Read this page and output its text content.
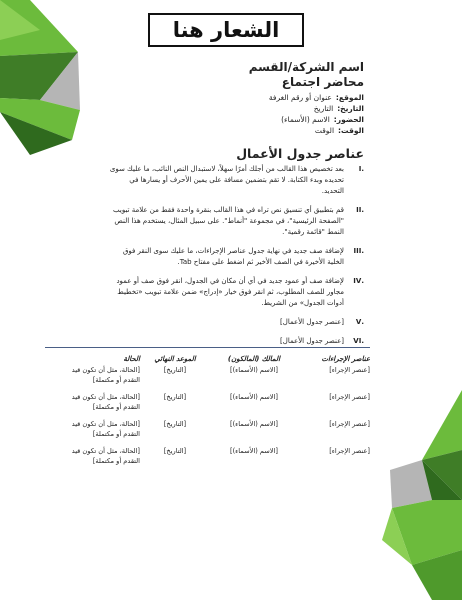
الشعار هنا
اسم الشركة/القسم
محاضر اجتماع
الموقع:عنوان أو رقم الغرفة
التاريخ:التاريخ
الحضور:الاسم (الأسماء)
الوقت:الوقت
عناصر جدول الأعمال
.I
بعد تخصيص هذا القالب من أجلك أمرًا سهلاً، لاستبدال النص النائب، ما عليك سوى تحديده وبدء الكتابة. لا تقم بتضمين مسافة على يمين الأحرف أو يسارها في التحديد.
.II
قم بتطبيق أي تنسيق نص تراه في هذا القالب بنقرة واحدة فقط من علامة تبويب "الصفحة الرئيسية"، في مجموعة "أنماط". على سبيل المثال، يستخدم هذا النص النمط "قائمة رقمية".
.III
لإضافة صف جديد في نهاية جدول عناصر الإجراءات، ما عليك سوى النقر فوق الخلية الأخيرة في الصف الأخير ثم اضغط على مفتاح Tab.
.IV
لإضافة صف أو عمود جديد في أي أن مكان في الجدول، انقر فوق صف أو عمود مجاور للصف المطلوب، ثم انقر فوق خيار «إدراج» ضمن علامة تبويب «تخطيط أدوات الجدول» من الشريط.
.V
[عنصر جدول الأعمال]
.VI
[عنصر جدول الأعمال]
عناصر الإجراءات
المالك (المالكون)
الموعد النهائي
الحالة
[عنصر الإجراء]
[الاسم (الأسماء)]
[التاريخ]
[الحالة، مثل أن تكون قيد التقدم أو مكتملة]
[عنصر الإجراء]
[الاسم (الأسماء)]
[التاريخ]
[الحالة، مثل أن تكون قيد التقدم أو مكتملة]
[عنصر الإجراء]
[الاسم (الأسماء)]
[التاريخ]
[الحالة، مثل أن تكون قيد التقدم أو مكتملة]
[عنصر الإجراء]
[الاسم (الأسماء)]
[التاريخ]
[الحالة، مثل أن تكون قيد التقدم أو مكتملة]
